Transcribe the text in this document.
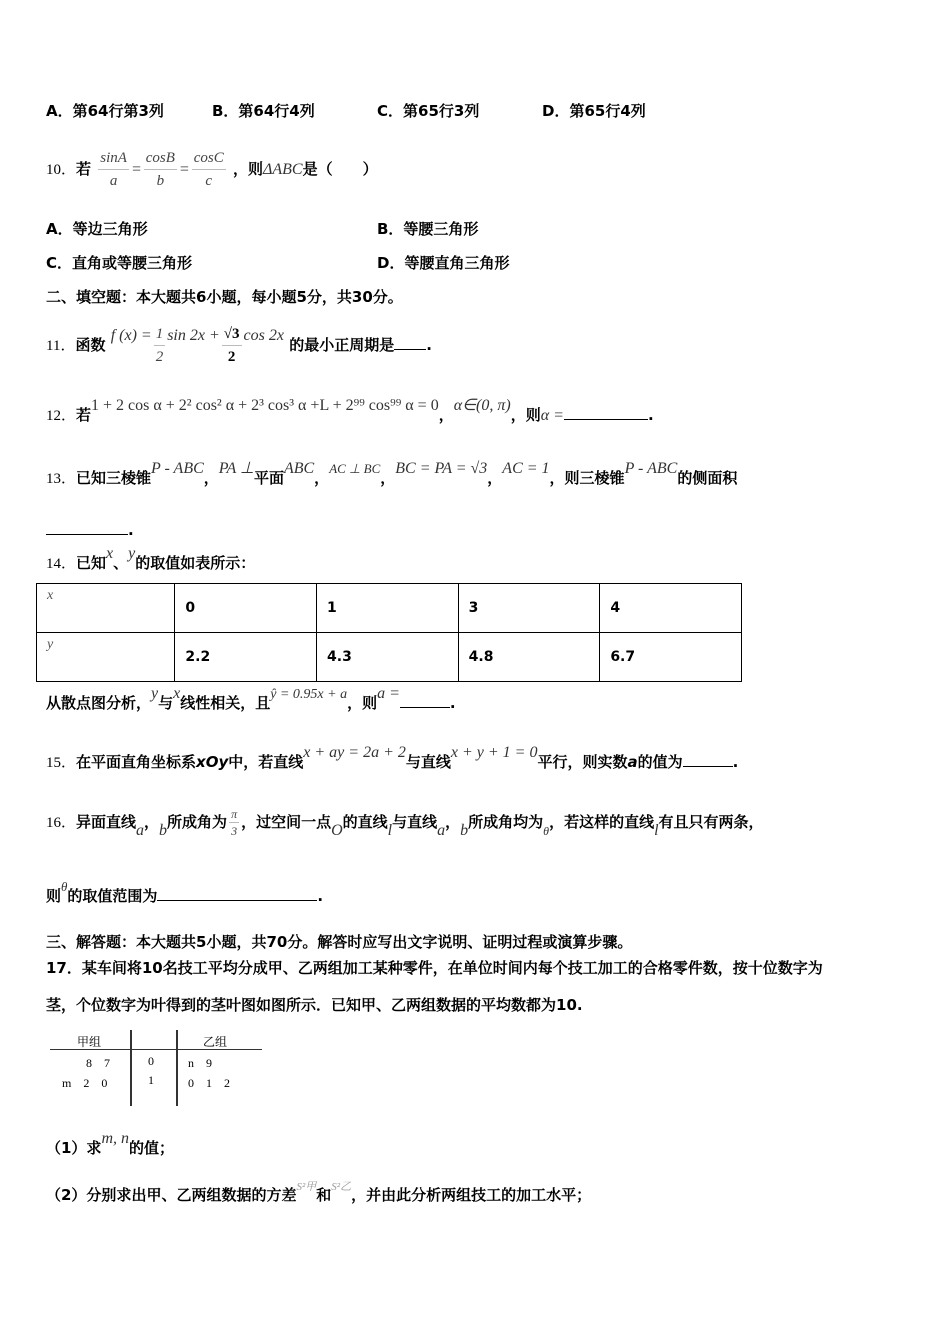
A．第64行第3列	B．第64行4列	C．第65行3列	D．第65行4列
10．若 $\frac{\sin A}{a} = \frac{\cos B}{b} = \frac{\cos C}{c}$ ，则ΔABC是（　　）
A．等边三角形	B．等腰三角形
C．直角或等腰三角形	D．等腰直角三角形
二、填空题：本大题共6小题，每小题5分，共30分。
11．函数 f $(x) = \frac{1}{2}$ $\sin 2x + \frac{√3}{2}$ cos 2x 的最小正周期是 .
12．若1 + 2 cos α + 2² cos² α + 2³ cos³ α +L + 2⁹⁹ cos⁹⁹ α = 0，α∈(0, π)，则α =	.
13．已知三棱锥P - ABC，PA ⊥平面ABC，AC ⊥ BC，BC = PA = √3，AC = 1，则三棱锥P - ABC的侧面积
.
14．已知x、y的取值如表所示：
x	0	1	3	4
y	2.2	4.3	4.8	6.7
从散点图分析，y与x线性相关，且ŷ = 0.95x + a，则a =.
15．在平面直角坐标系xOy中，若直线x + ay = 2a + 2与直线x + y + 1 = 0平行，则实数a的值为	.
16．异面直线a，b所成角为 $\frac{\pi}{3}$ ，过空间一点O的直线l与直线a，b所成角均为$_\theta$，若这样的直线l有且只有两条，
则θ的取值范围为	.
三、解答题：本大题共5小题，共70分。解答时应写出文字说明、证明过程或演算步骤。
17．某车间将10名技工平均分成甲、乙两组加工某种零件，在单位时间内每个技工加工的合格零件数，按十位数字为
茎，个位数字为叶得到的茎叶图如图所示．已知甲、乙两组数据的平均数都为10.
甲组	乙组
8　7	0	n　9
m　2　0	1	0　1　2
（1）求m, n的值；
（2）分别求出甲、乙两组数据的方差$^{S^2甲}$和$^{S^2乙}$，并由此分析两组技工的加工水平；
